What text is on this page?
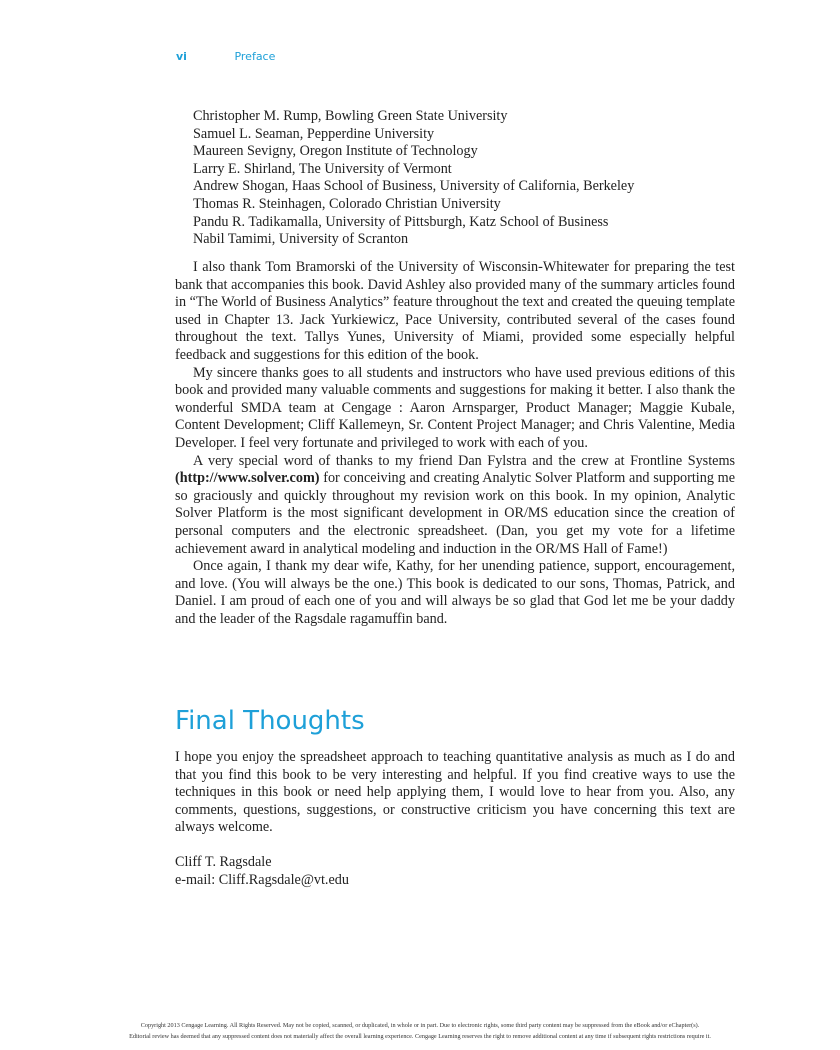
vi	Preface
Christopher M. Rump, Bowling Green State University
Samuel L. Seaman, Pepperdine University
Maureen Sevigny, Oregon Institute of Technology
Larry E. Shirland, The University of Vermont
Andrew Shogan, Haas School of Business, University of California, Berkeley
Thomas R. Steinhagen, Colorado Christian University
Pandu R. Tadikamalla, University of Pittsburgh, Katz School of Business
Nabil Tamimi, University of Scranton

I also thank Tom Bramorski of the University of Wisconsin-Whitewater for preparing the test bank that accompanies this book. David Ashley also provided many of the summary articles found in “The World of Business Analytics” feature throughout the text and created the queuing template used in Chapter 13. Jack Yurkiewicz, Pace University, contributed several of the cases found throughout the text. Tallys Yunes, University of Miami, provided some especially helpful feedback and suggestions for this edition of the book.

My sincere thanks goes to all students and instructors who have used previous editions of this book and provided many valuable comments and suggestions for making it better. I also thank the wonderful SMDA team at Cengage : Aaron Arnsparger, Product Manager; Maggie Kubale, Content Development; Cliff Kallemeyn, Sr. Content Project Manager; and Chris Valentine, Media Developer. I feel very fortunate and privileged to work with each of you.

A very special word of thanks to my friend Dan Fylstra and the crew at Frontline Systems (http://www.solver.com) for conceiving and creating Analytic Solver Platform and supporting me so graciously and quickly throughout my revision work on this book. In my opinion, Analytic Solver Platform is the most significant development in OR/MS education since the creation of personal computers and the electronic spreadsheet. (Dan, you get my vote for a lifetime achievement award in analytical modeling and induction in the OR/MS Hall of Fame!)

Once again, I thank my dear wife, Kathy, for her unending patience, support, encouragement, and love. (You will always be the one.) This book is dedicated to our sons, Thomas, Patrick, and Daniel. I am proud of each one of you and will always be so glad that God let me be your daddy and the leader of the Ragsdale ragamuffin band.

Final Thoughts

I hope you enjoy the spreadsheet approach to teaching quantitative analysis as much as I do and that you find this book to be very interesting and helpful. If you find creative ways to use the techniques in this book or need help applying them, I would love to hear from you. Also, any comments, questions, suggestions, or constructive criticism you have concerning this text are always welcome.

Cliff T. Ragsdale
e-mail: Cliff.Ragsdale@vt.edu
Copyright 2013 Cengage Learning. All Rights Reserved. May not be copied, scanned, or duplicated, in whole or in part. Due to electronic rights, some third party content may be suppressed from the eBook and/or eChapter(s).
Editorial review has deemed that any suppressed content does not materially affect the overall learning experience. Cengage Learning reserves the right to remove additional content at any time if subsequent rights restrictions require it.
